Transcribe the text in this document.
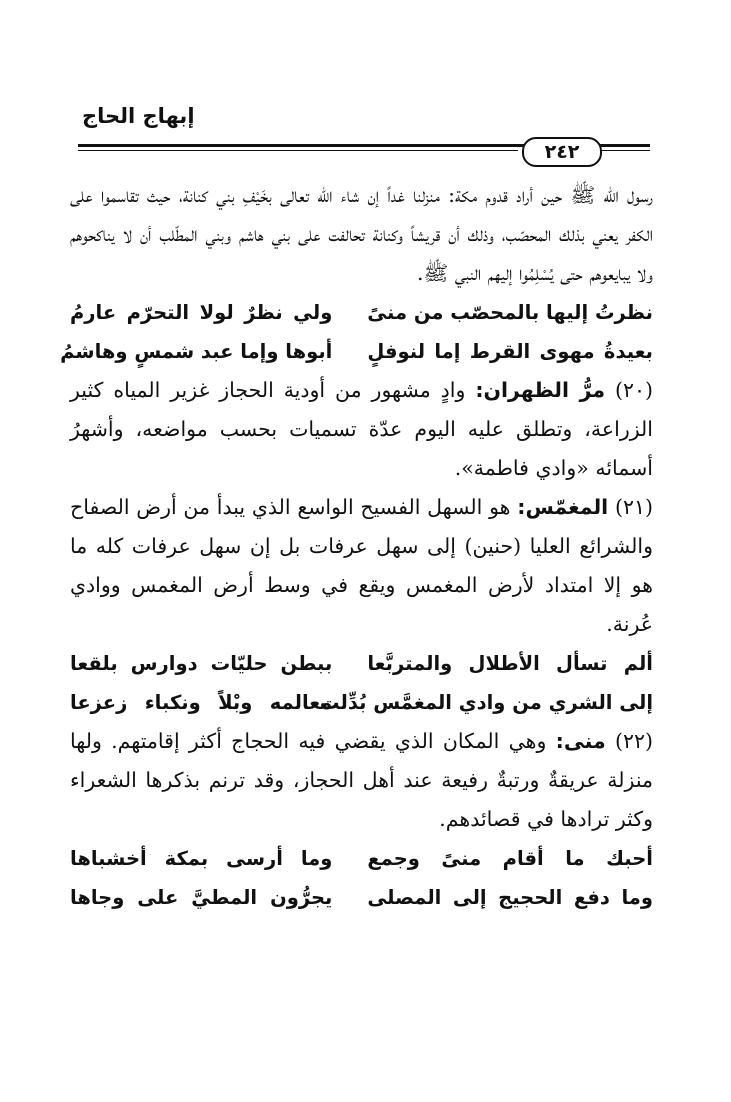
إبهاج الحاج
٢٤٢

رسول الله ﷺ حين أراد قدوم مكة: منزلنا غداً إن شاء الله تعالى بخَيْفِ بني كنانة، حيث تقاسموا على الكفر يعني بذلك المحصّب، وذلك أن قريشاً وكنانة تحالفت على بني هاشم وبني المطّلب أن لا يناكحوهم ولا يبايعوهم حتى يُسْلِمُوا إليهم النبي ﷺ.

نظرتُ إليها بالمحصّب من منىً
ولي نظرٌ لولا التحرّم عارمُ
بعيدةُ مهوى القرط إما لنوفلٍ
أبوها وإما عبد شمسٍ وهاشمُ

(٢٠) مرُّ الظهران: وادٍ مشهور من أودية الحجاز غزير المياه كثير الزراعة، وتطلق عليه اليوم عدّة تسميات بحسب مواضعه، وأشهرُ أسمائه «وادي فاطمة».

(٢١) المغمّس: هو السهل الفسيح الواسع الذي يبدأ من أرض الصفاح والشرائع العليا (حنين) إلى سهل عرفات بل إن سهل عرفات كله ما هو إلا امتداد لأرض المغمس ويقع في وسط أرض المغمس ووادي عُرنة.

ألم تسأل الأطلال والمتربَّعا
ببطن حليّات دوارس بلقعا
إلى الشري من وادي المغمَّس بُدِّلت
معالمه وبْلاً ونكباء زعزعا

(٢٢) منى: وهي المكان الذي يقضي فيه الحجاج أكثر إقامتهم. ولها منزلة عريقةٌ ورتبةٌ رفيعة عند أهل الحجاز، وقد ترنم بذكرها الشعراء وكثر ترادها في قصائدهم.

أحبك ما أقام منىً وجمع
وما أرسى بمكة أخشباها
وما دفع الحجيج إلى المصلى
يجرُّون المطيَّ على وجاها
